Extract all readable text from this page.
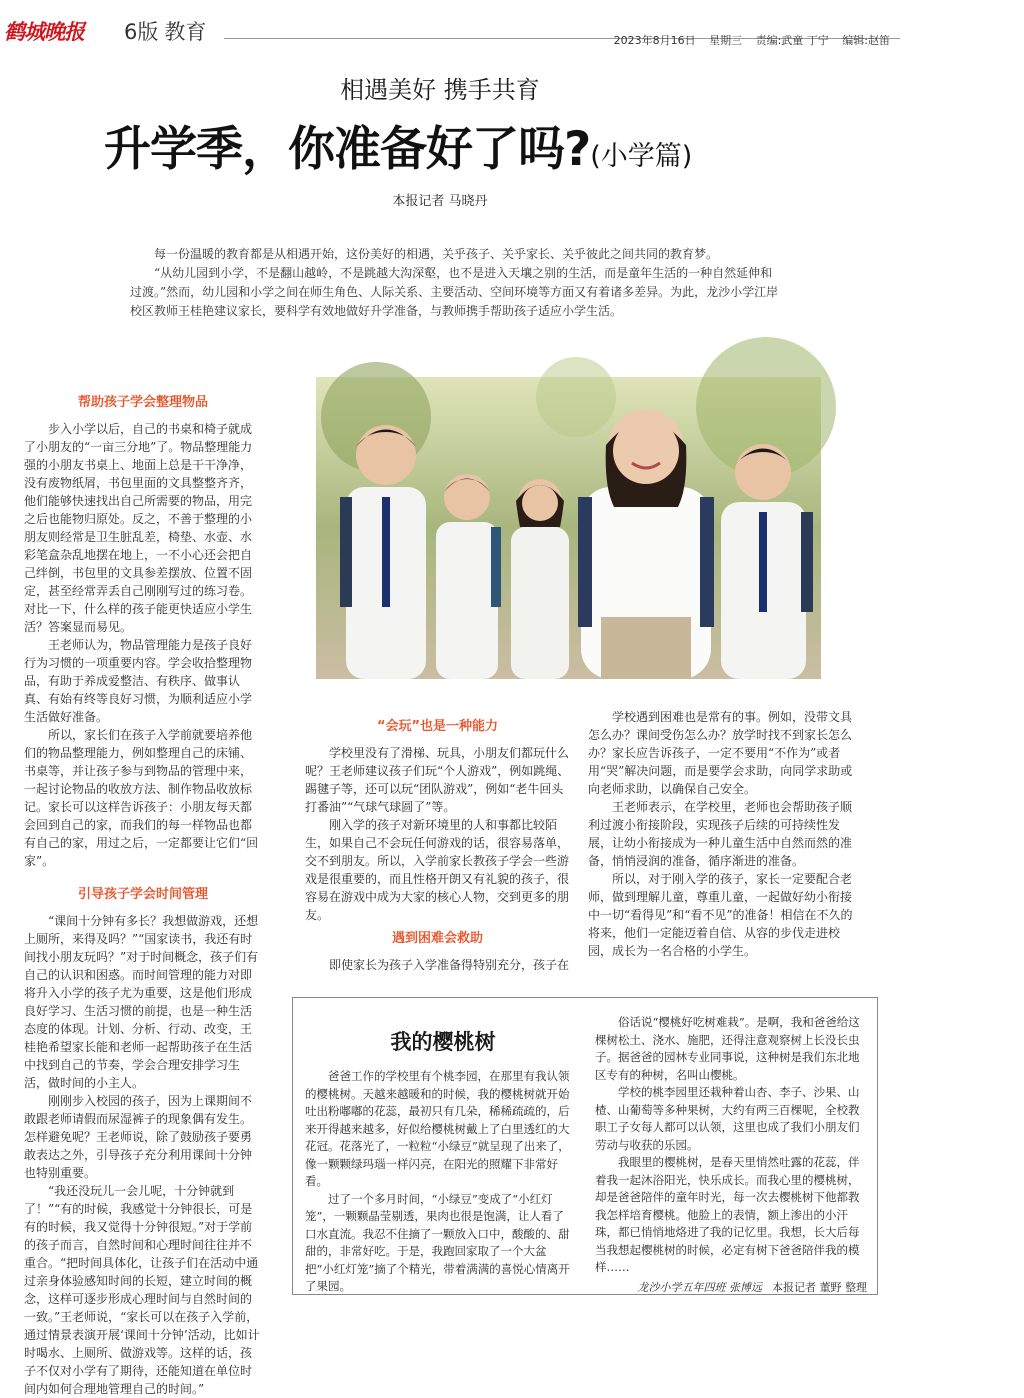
鹤城晚报	6版 教育	2023年8月16日 星期三 责编:武童 丁宁 编辑:赵笛
相遇美好 携手共育
升学季，你准备好了吗?(小学篇)
本报记者 马晓丹

每一份温暖的教育都是从相遇开始，这份美好的相遇，关乎孩子、关乎家长、关乎彼此之间共同的教育梦。

“从幼儿园到小学，不是翻山越岭，不是跳越大沟深壑，也不是进入天壤之别的生活，而是童年生活的一种自然延伸和过渡。”然而，幼儿园和小学之间在师生角色、人际关系、主要活动、空间环境等方面又有着诸多差异。为此，龙沙小学江岸校区教师王桂艳建议家长，要科学有效地做好升学准备，与教师携手帮助孩子适应小学生活。

帮助孩子学会整理物品

步入小学以后，自己的书桌和椅子就成了小朋友的“一亩三分地”了。物品整理能力强的小朋友书桌上、地面上总是干干净净，没有废物纸屑，书包里面的文具整整齐齐，他们能够快速找出自己所需要的物品，用完之后也能物归原处。反之，不善于整理的小朋友则经常是卫生脏乱差，椅垫、水壶、水彩笔盒杂乱地摆在地上，一不小心还会把自己绊倒，书包里的文具参差摆放、位置不固定，甚至经常弄丢自己刚刚写过的练习卷。对比一下，什么样的孩子能更快适应小学生活？答案显而易见。

王老师认为，物品管理能力是孩子良好行为习惯的一项重要内容。学会收拾整理物品，有助于养成爱整洁、有秩序、做事认真、有始有终等良好习惯，为顺利适应小学生活做好准备。

所以，家长们在孩子入学前就要培养他们的物品整理能力，例如整理自己的床铺、书桌等，并让孩子参与到物品的管理中来，一起讨论物品的收放方法、制作物品收放标记。家长可以这样告诉孩子：小朋友每天都会回到自己的家，而我们的每一样物品也都有自己的家，用过之后，一定都要让它们“回家”。

引导孩子学会时间管理

“课间十分钟有多长？我想做游戏，还想上厕所，来得及吗？”“国家读书，我还有时间找小朋友玩吗？”对于时间概念，孩子们有自己的认识和困惑。而时间管理的能力对即将升入小学的孩子尤为重要，这是他们形成良好学习、生活习惯的前提，也是一种生活态度的体现。计划、分析、行动、改变，王桂艳希望家长能和老师一起帮助孩子在生活中找到自己的节奏，学会合理安排学习生活，做时间的小主人。

刚刚步入校园的孩子，因为上课期间不敢跟老师请假而尿湿裤子的现象偶有发生。怎样避免呢？王老师说，除了鼓励孩子要勇敢表达之外，引导孩子充分利用课间十分钟也特别重要。

“我还没玩儿一会儿呢，十分钟就到了！”“有的时候，我感觉十分钟很长，可是有的时候，我又觉得十分钟很短。”对于学前的孩子而言，自然时间和心理时间往往并不重合。“把时间具体化，让孩子们在活动中通过亲身体验感知时间的长短，建立时间的概念，这样可逐步形成心理时间与自然时间的一致。”王老师说，“家长可以在孩子入学前，通过情景表演开展‘课间十分钟’活动，比如计时喝水、上厕所、做游戏等。这样的话，孩子不仅对小学有了期待，还能知道在单位时间内如何合理地管理自己的时间。”

“会玩”也是一种能力

学校里没有了滑梯、玩具，小朋友们都玩什么呢？王老师建议孩子们玩“个人游戏”，例如跳绳、踢毽子等，还可以玩“团队游戏”，例如“老牛回头打番油”“气球气球圆了”等。

刚入学的孩子对新环境里的人和事都比较陌生，如果自己不会玩任何游戏的话，很容易落单，交不到朋友。所以，入学前家长教孩子学会一些游戏是很重要的，而且性格开朗又有礼貌的孩子，很容易在游戏中成为大家的核心人物，交到更多的朋友。

遇到困难会救助

即使家长为孩子入学准备得特别充分，孩子在

学校遇到困难也是常有的事。例如，没带文具怎么办？课间受伤怎么办？放学时找不到家长怎么办？家长应告诉孩子，一定不要用“不作为”或者用“哭”解决问题，而是要学会求助，向同学求助或向老师求助，以确保自己安全。

王老师表示，在学校里，老师也会帮助孩子顺利过渡小衔接阶段，实现孩子后续的可持续性发展，让幼小衔接成为一种儿童生活中自然而然的准备，悄悄浸润的准备，循序渐进的准备。

所以，对于刚入学的孩子，家长一定要配合老师，做到理解儿童，尊重儿童，一起做好幼小衔接中一切“看得见”和“看不见”的准备！相信在不久的将来，他们一定能迈着自信、从容的步伐走进校园，成长为一名合格的小学生。

我的樱桃树

爸爸工作的学校里有个桃李园，在那里有我认领的樱桃树。天越来越暖和的时候，我的樱桃树就开始吐出粉嘟嘟的花蕊，最初只有几朵，稀稀疏疏的，后来开得越来越多，好似给樱桃树戴上了白里透红的大花冠。花落光了，一粒粒“小绿豆”就呈现了出来了，像一颗颗绿玛瑙一样闪亮，在阳光的照耀下非常好看。

过了一个多月时间，“小绿豆”变成了“小红灯笼”，一颗颗晶莹剔透，果肉也很是饱满，让人看了口水直流。我忍不住摘了一颗放入口中，酸酸的、甜甜的，非常好吃。于是，我跑回家取了一个大盆把“小红灯笼”摘了个精光，带着满满的喜悦心情离开了果园。

俗话说“樱桃好吃树难栽”。是啊，我和爸爸给这棵树松土、浇水、施肥，还得注意观察树上长没长虫子。据爸爸的园林专业同事说，这种树是我们东北地区专有的种树，名叫山樱桃。

学校的桃李园里还栽种着山杏、李子、沙果、山楂、山葡萄等多种果树，大约有两三百棵呢，全校教职工子女每人都可以认领，这里也成了我们小朋友们劳动与收获的乐园。

我眼里的樱桃树，是春天里悄然吐露的花蕊，伴着我一起沐浴阳光，快乐成长。而我心里的樱桃树，却是爸爸陪伴的童年时光，每一次去樱桃树下他都教我怎样培育樱桃。他脸上的表情，额上渗出的小汗珠，都已悄悄地烙进了我的记忆里。我想，长大后每当我想起樱桃树的时候，必定有树下爸爸陪伴我的模样……

龙沙小学五年四班 张博远 本报记者 董野 整理
